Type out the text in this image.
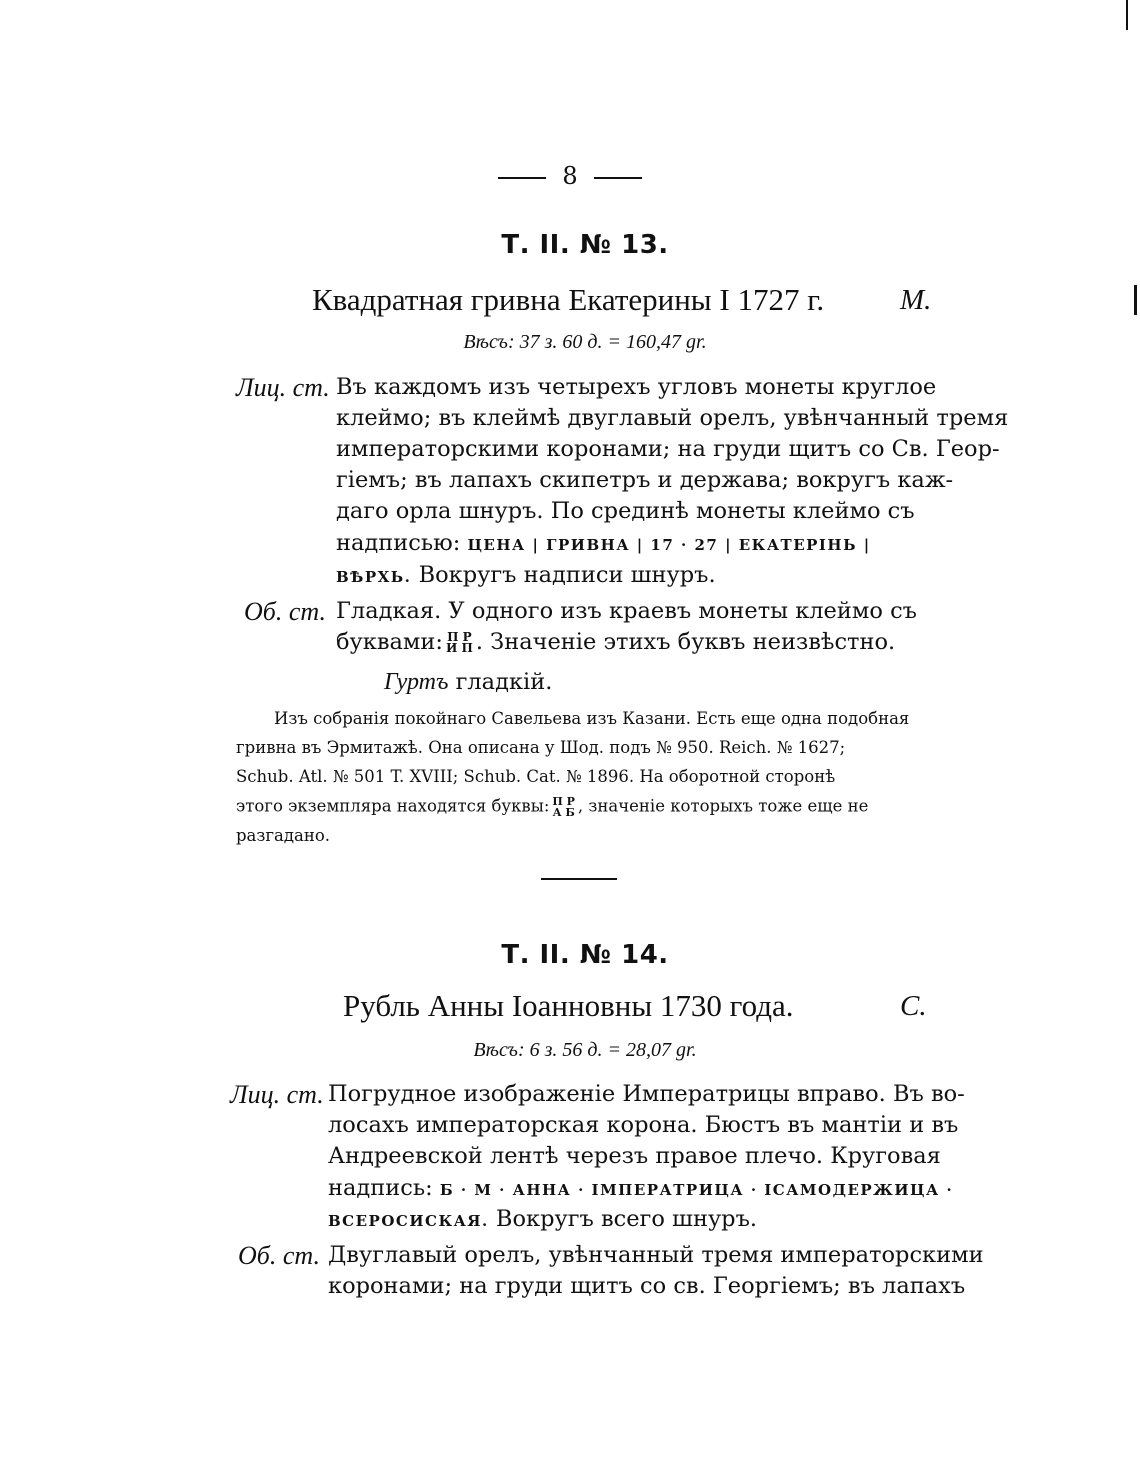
8
Т. II. № 13.
Квадратная гривна Екатерины I 1727 г.	М.
Вѣсъ: 37 з. 60 д. = 160,47 gr.
Лиц. ст. Въ каждомъ изъ четырехъ угловъ монеты круглое
клеймо; въ клеймѣ двуглавый орелъ, увѣнчанный тремя
императорскими коронами; на груди щитъ со Св. Геор-
гіемъ; въ лапахъ скипетръ и держава; вокругъ каж-
даго орла шнуръ. По срединѣ монеты клеймо съ
надписью: ЦЕНА | ГРИВНА | 17 · 27 | ЕКАТЕРІНЬ |
ВѢРХЬ. Вокругъ надписи шнуръ.
Об. ст. Гладкая. У одного изъ краевъ монеты клеймо съ
буквами: П Р
И П . Значеніе этихъ буквъ неизвѣстно.
Гуртъ гладкій.
Изъ собранія покойнаго Савельева изъ Казани. Есть еще одна подобная
гривна въ Эрмитажѣ. Она описана у Шод. подъ № 950. Reich. № 1627;
Schub. Atl. № 501 T. XVIII; Schub. Cat. № 1896. На оборотной сторонѣ
этого экземпляра находятся буквы: П Р
А Б , значеніе которыхъ тоже еще не
разгадано.
Т. II. № 14.
Рубль Анны Іоанновны 1730 года.	С.
Вѣсъ: 6 з. 56 д. = 28,07 gr.
Лиц. ст. Погрудное изображеніе Императрицы вправо. Въ во-
лосахъ императорская корона. Бюстъ въ мантіи и въ
Андреевской лентѣ черезъ правое плечо. Круговая
надпись: Б · М · АННА · ІМПЕРАТРИЦА · ІСАМОДЕРЖИЦА ·
ВСЕРОСИСКАЯ. Вокругъ всего шнуръ.
Об. ст. Двуглавый орелъ, увѣнчанный тремя императорскими
коронами; на груди щитъ со св. Георгіемъ; въ лапахъ
